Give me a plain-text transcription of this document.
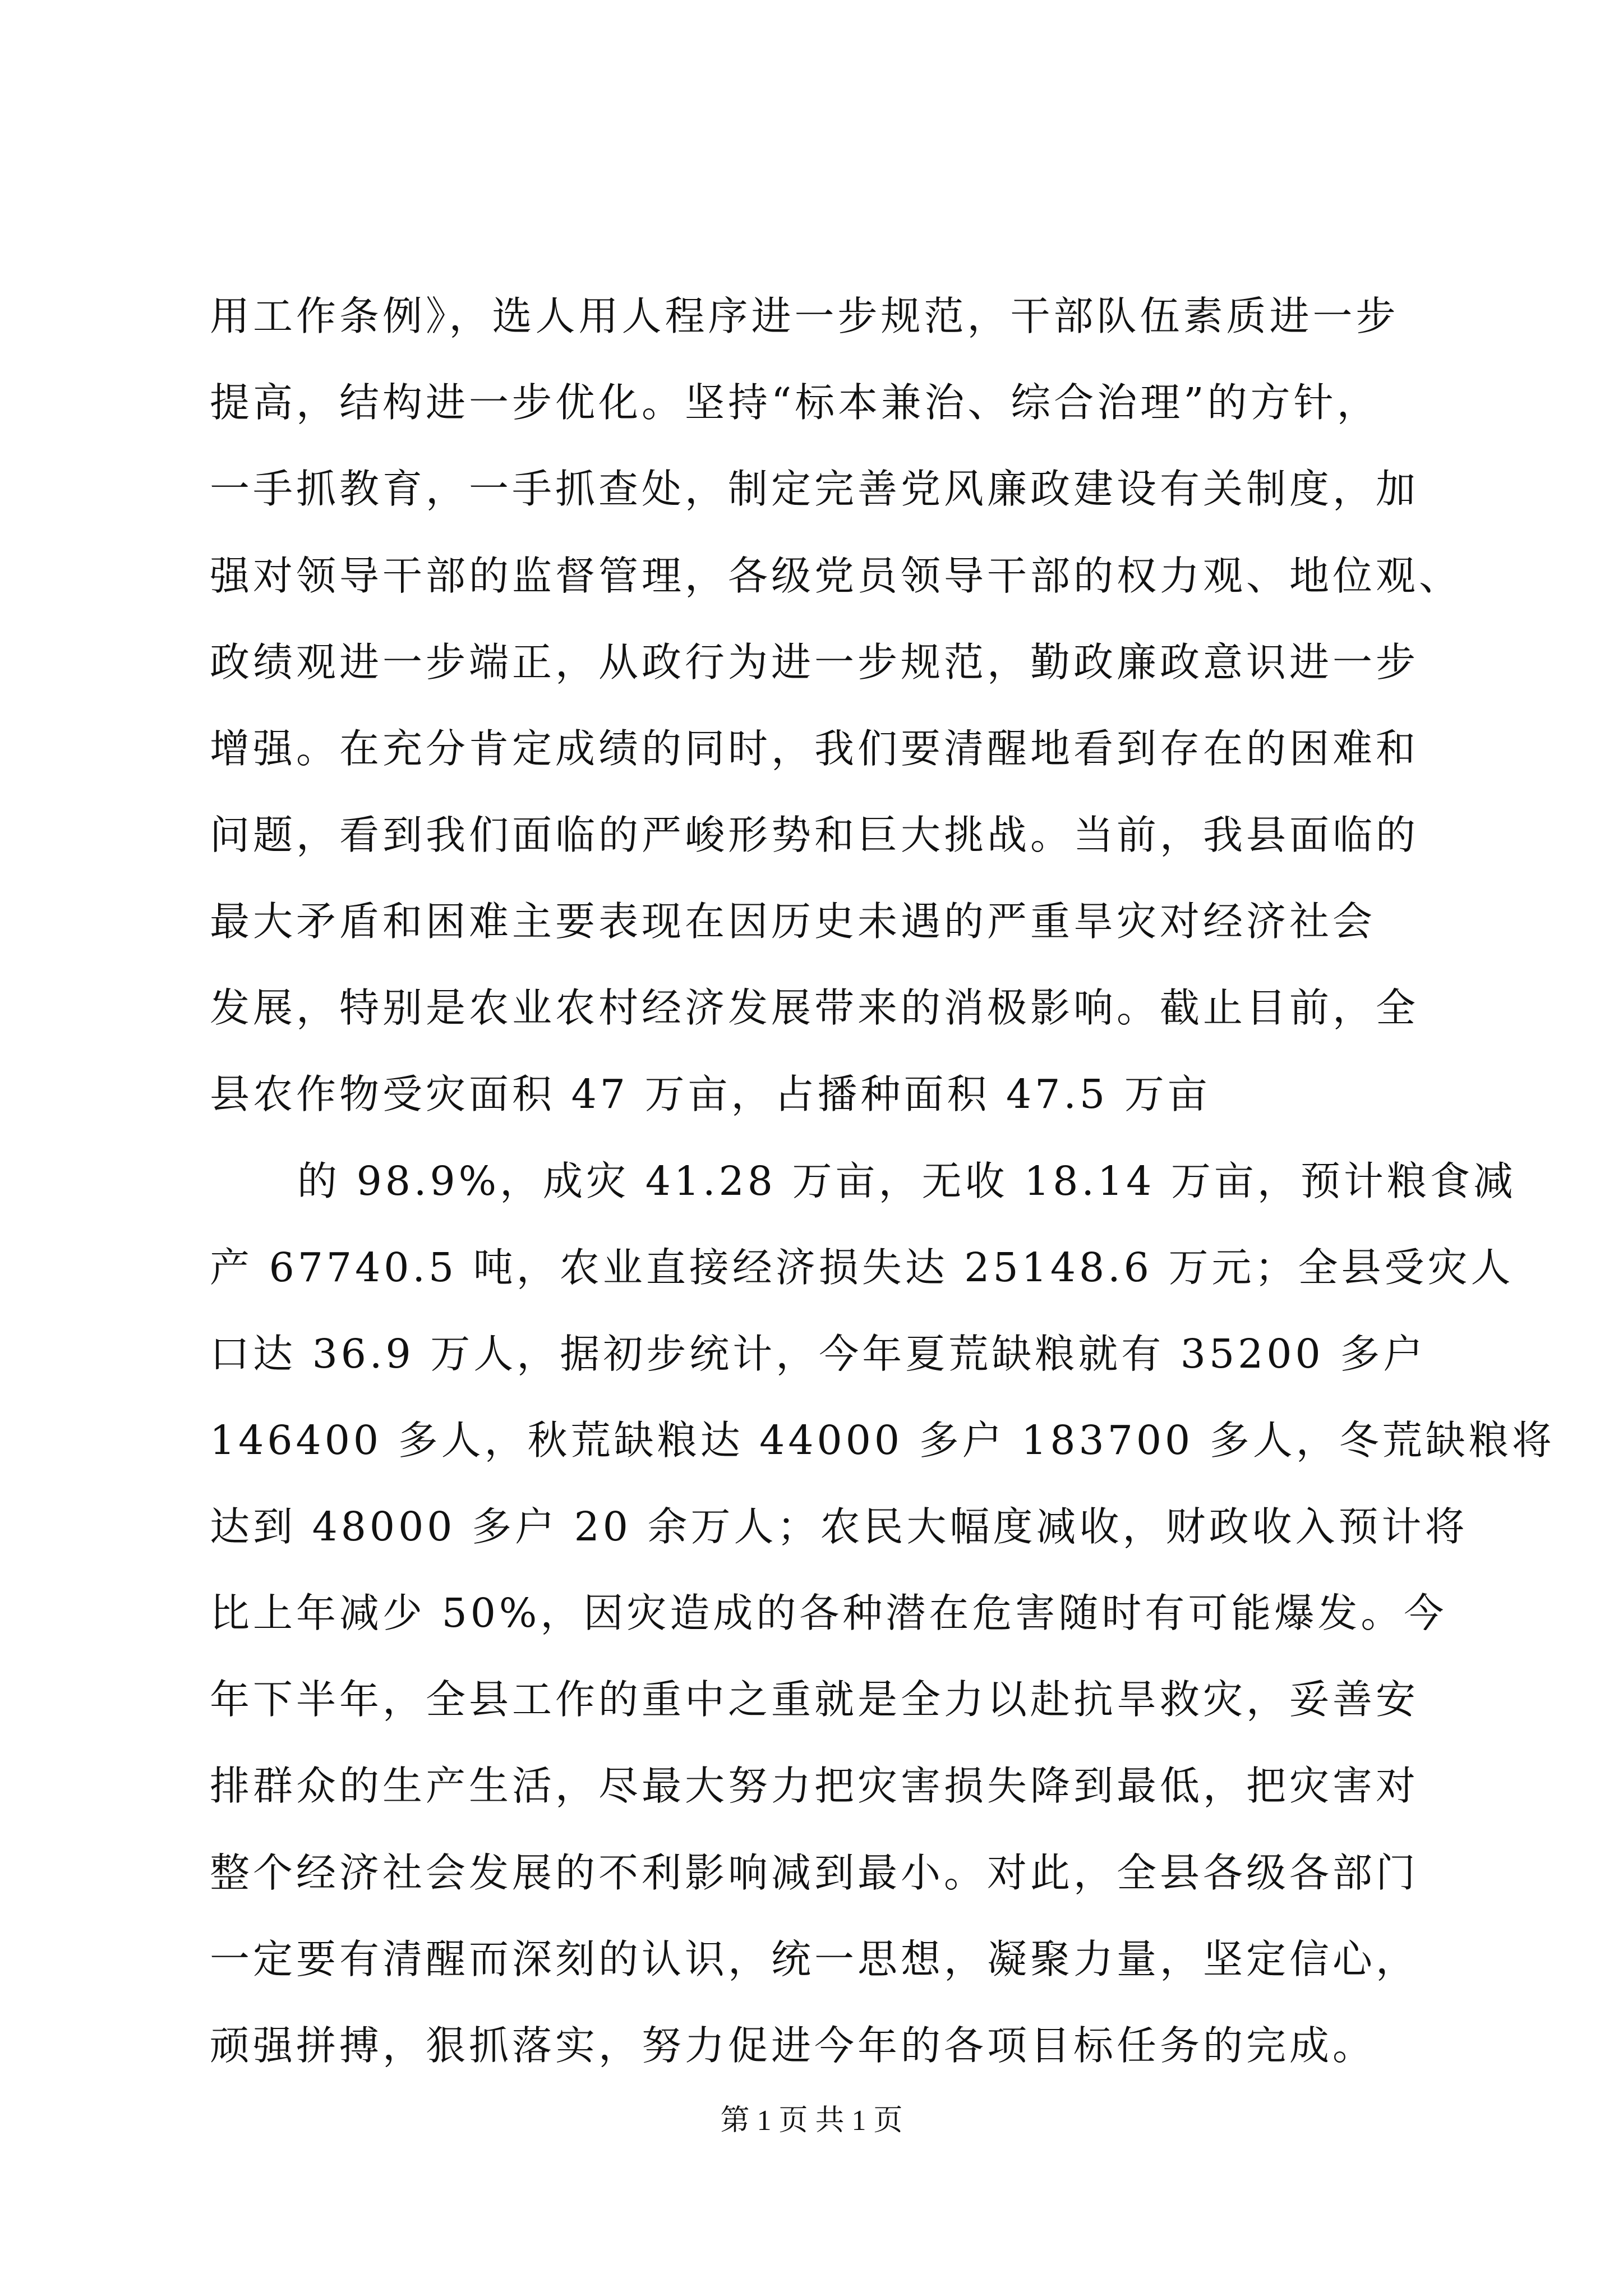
用工作条例》，选人用人程序进一步规范，干部队伍素质进一步
提高，结构进一步优化。坚持“标本兼治、综合治理”的方针，
一手抓教育，一手抓查处，制定完善党风廉政建设有关制度，加
强对领导干部的监督管理，各级党员领导干部的权力观、地位观、
政绩观进一步端正，从政行为进一步规范，勤政廉政意识进一步
增强。在充分肯定成绩的同时，我们要清醒地看到存在的困难和
问题，看到我们面临的严峻形势和巨大挑战。当前，我县面临的
最大矛盾和困难主要表现在因历史未遇的严重旱灾对经济社会
发展，特别是农业农村经济发展带来的消极影响。截止目前，全
县农作物受灾面积 47 万亩，占播种面积 47.5 万亩
的 98.9%，成灾 41.28 万亩，无收 18.14 万亩，预计粮食减
产 67740.5 吨，农业直接经济损失达 25148.6 万元；全县受灾人
口达 36.9 万人，据初步统计，今年夏荒缺粮就有 35200 多户
146400 多人，秋荒缺粮达 44000 多户 183700 多人，冬荒缺粮将
达到 48000 多户 20 余万人；农民大幅度减收，财政收入预计将
比上年减少 50%，因灾造成的各种潜在危害随时有可能爆发。今
年下半年，全县工作的重中之重就是全力以赴抗旱救灾，妥善安
排群众的生产生活，尽最大努力把灾害损失降到最低，把灾害对
整个经济社会发展的不利影响减到最小。对此，全县各级各部门
一定要有清醒而深刻的认识，统一思想，凝聚力量，坚定信心，
顽强拼搏，狠抓落实，努力促进今年的各项目标任务的完成。
第 1 页 共 1 页
